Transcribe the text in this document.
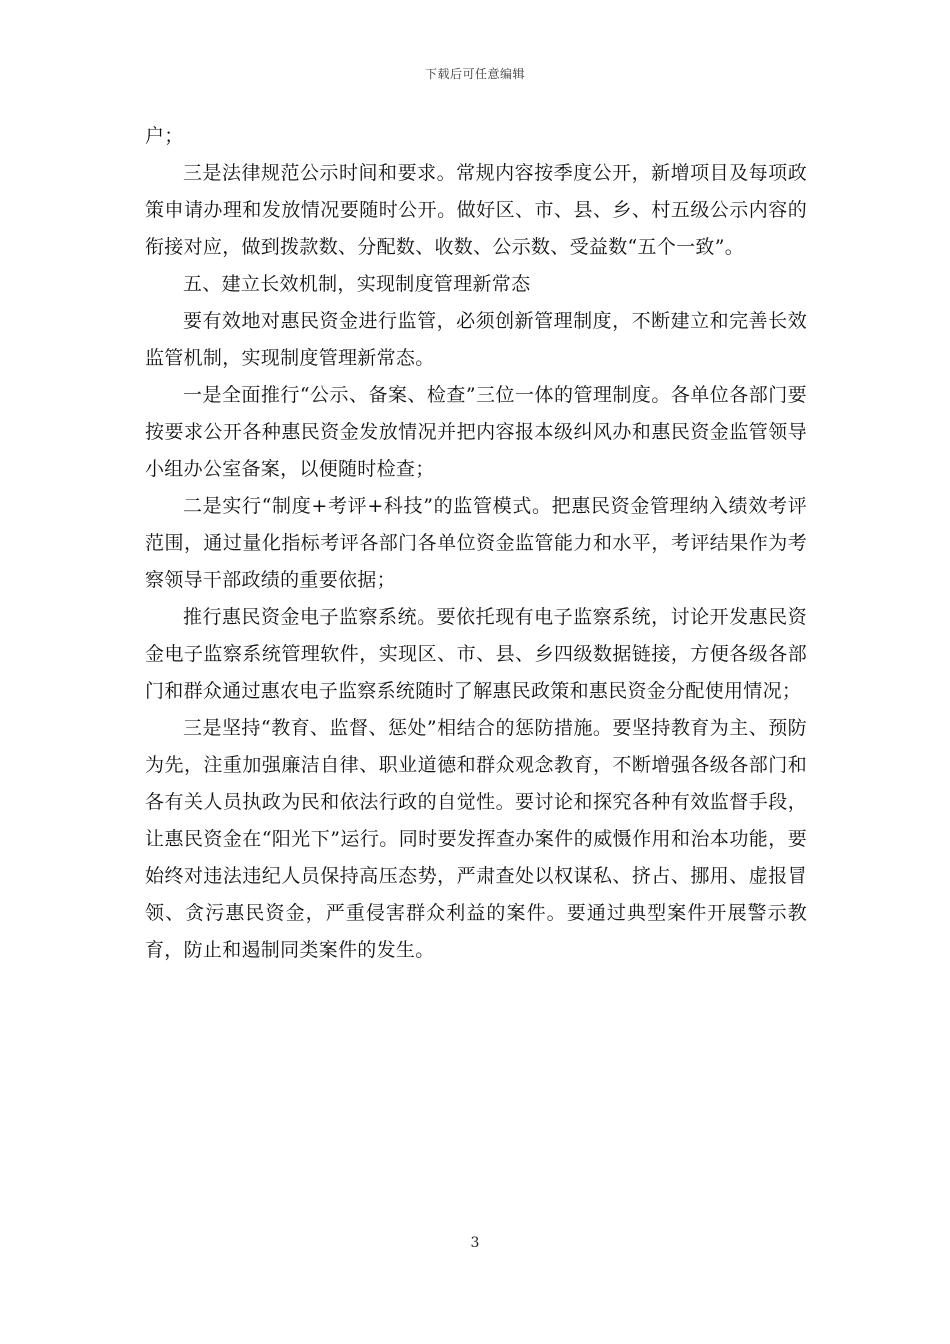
下载后可任意编辑

户；

三是法律规范公示时间和要求。常规内容按季度公开，新增项目及每项政策申请办理和发放情况要随时公开。做好区、市、县、乡、村五级公示内容的衔接对应，做到拨款数、分配数、收数、公示数、受益数“五个一致”。

五、建立长效机制，实现制度管理新常态

要有效地对惠民资金进行监管，必须创新管理制度，不断建立和完善长效监管机制，实现制度管理新常态。

一是全面推行“公示、备案、检查”三位一体的管理制度。各单位各部门要按要求公开各种惠民资金发放情况并把内容报本级纠风办和惠民资金监管领导小组办公室备案，以便随时检查；

二是实行“制度+考评+科技”的监管模式。把惠民资金管理纳入绩效考评范围，通过量化指标考评各部门各单位资金监管能力和水平，考评结果作为考察领导干部政绩的重要依据；

推行惠民资金电子监察系统。要依托现有电子监察系统，讨论开发惠民资金电子监察系统管理软件，实现区、市、县、乡四级数据链接，方便各级各部门和群众通过惠农电子监察系统随时了解惠民政策和惠民资金分配使用情况；

三是坚持“教育、监督、惩处”相结合的惩防措施。要坚持教育为主、预防为先，注重加强廉洁自律、职业道德和群众观念教育，不断增强各级各部门和各有关人员执政为民和依法行政的自觉性。要讨论和探究各种有效监督手段，让惠民资金在“阳光下”运行。同时要发挥查办案件的威慑作用和治本功能，要始终对违法违纪人员保持高压态势，严肃查处以权谋私、挤占、挪用、虚报冒领、贪污惠民资金，严重侵害群众利益的案件。要通过典型案件开展警示教育，防止和遏制同类案件的发生。

3
